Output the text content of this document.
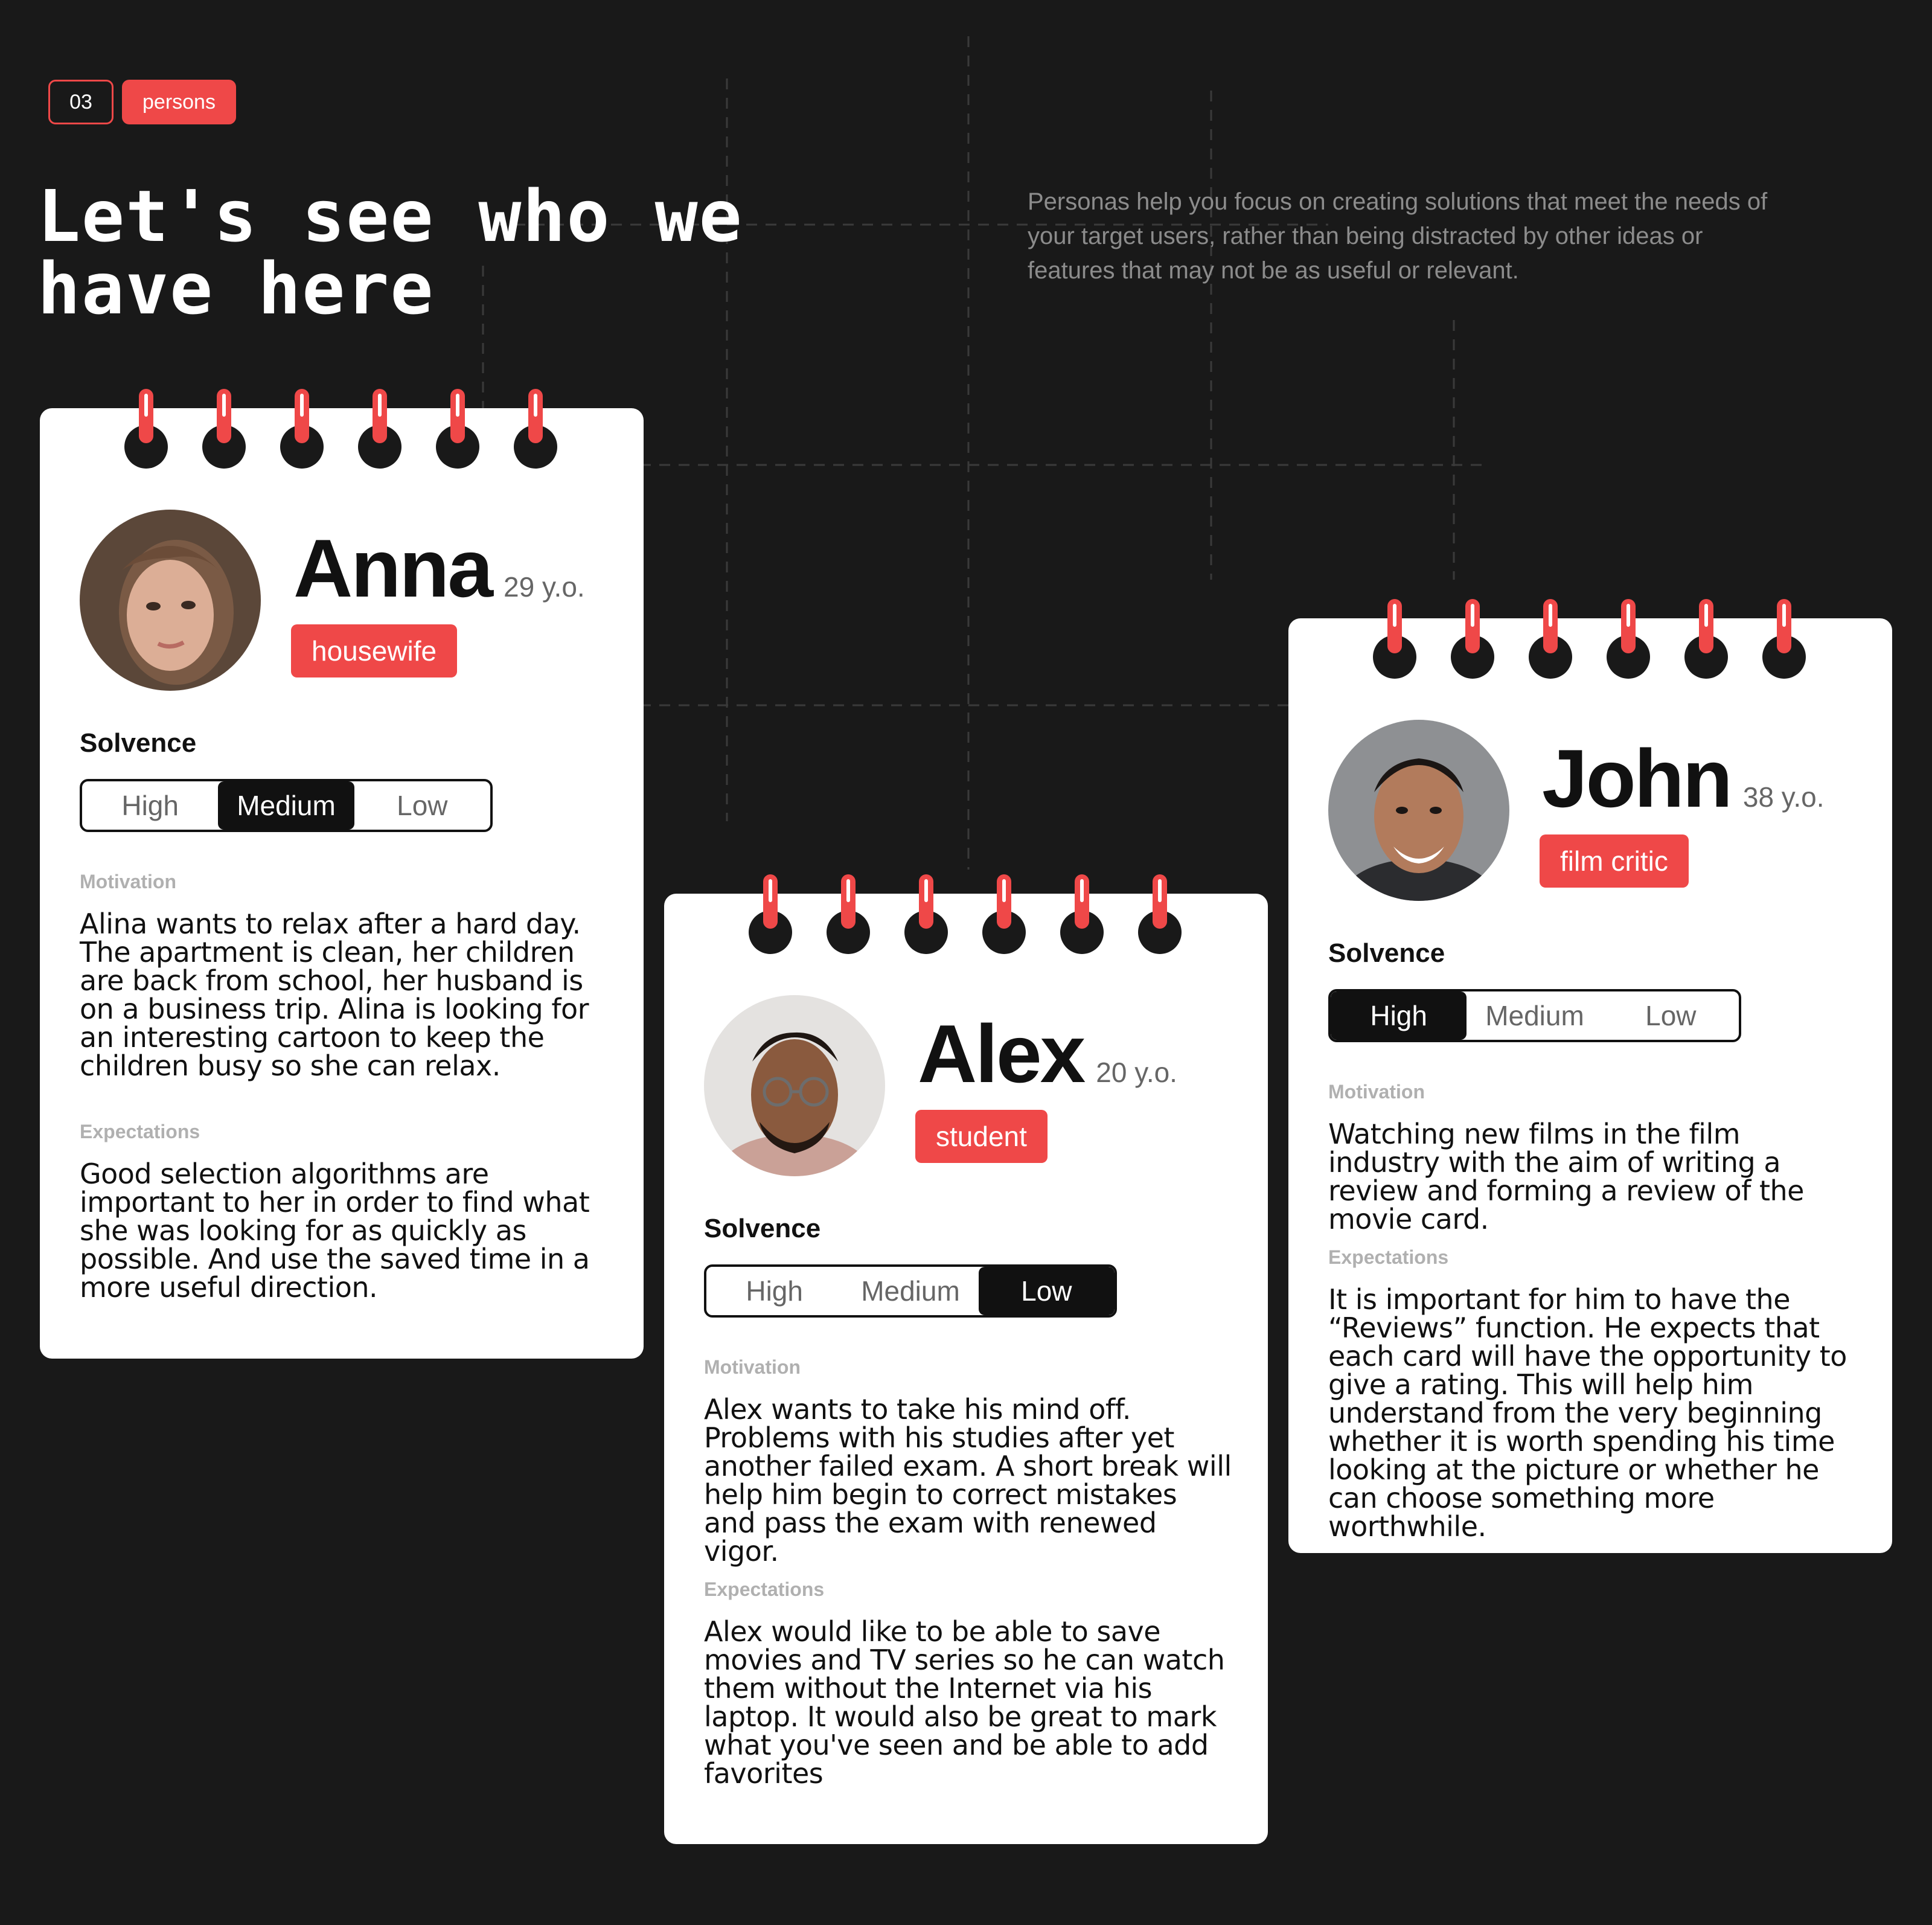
03	persons
Let's see who we have here

Personas help you focus on creating solutions that meet the needs of your target users, rather than being distracted by other ideas or features that may not be as useful or relevant.

Anna 29 y.o.
housewife
Solvence
High	Medium	Low
Motivation
Alina wants to relax after a hard day. The apartment is clean, her children are back from school, her husband is on a business trip. Alina is looking for an interesting cartoon to keep the children busy so she can relax.
Expectations
Good selection algorithms are important to her in order to find what she was looking for as quickly as possible. And use the saved time in a more useful direction.
Alex 20 y.o.
student
Solvence
High	Medium	Low
Motivation
Alex wants to take his mind off. Problems with his studies after yet another failed exam. A short break will help him begin to correct mistakes and pass the exam with renewed vigor.
Expectations
Alex would like to be able to save movies and TV series so he can watch them without the Internet via his laptop. It would also be great to mark what you've seen and be able to add favorites
John 38 y.o.
film critic
Solvence
High	Medium	Low
Motivation
Watching new films in the film industry with the aim of writing a review and forming a review of the movie card.
Expectations
It is important for him to have the “Reviews” function. He expects that each card will have the opportunity to give a rating. This will help him understand from the very beginning whether it is worth spending his time looking at the picture or whether he can choose something more worthwhile.
